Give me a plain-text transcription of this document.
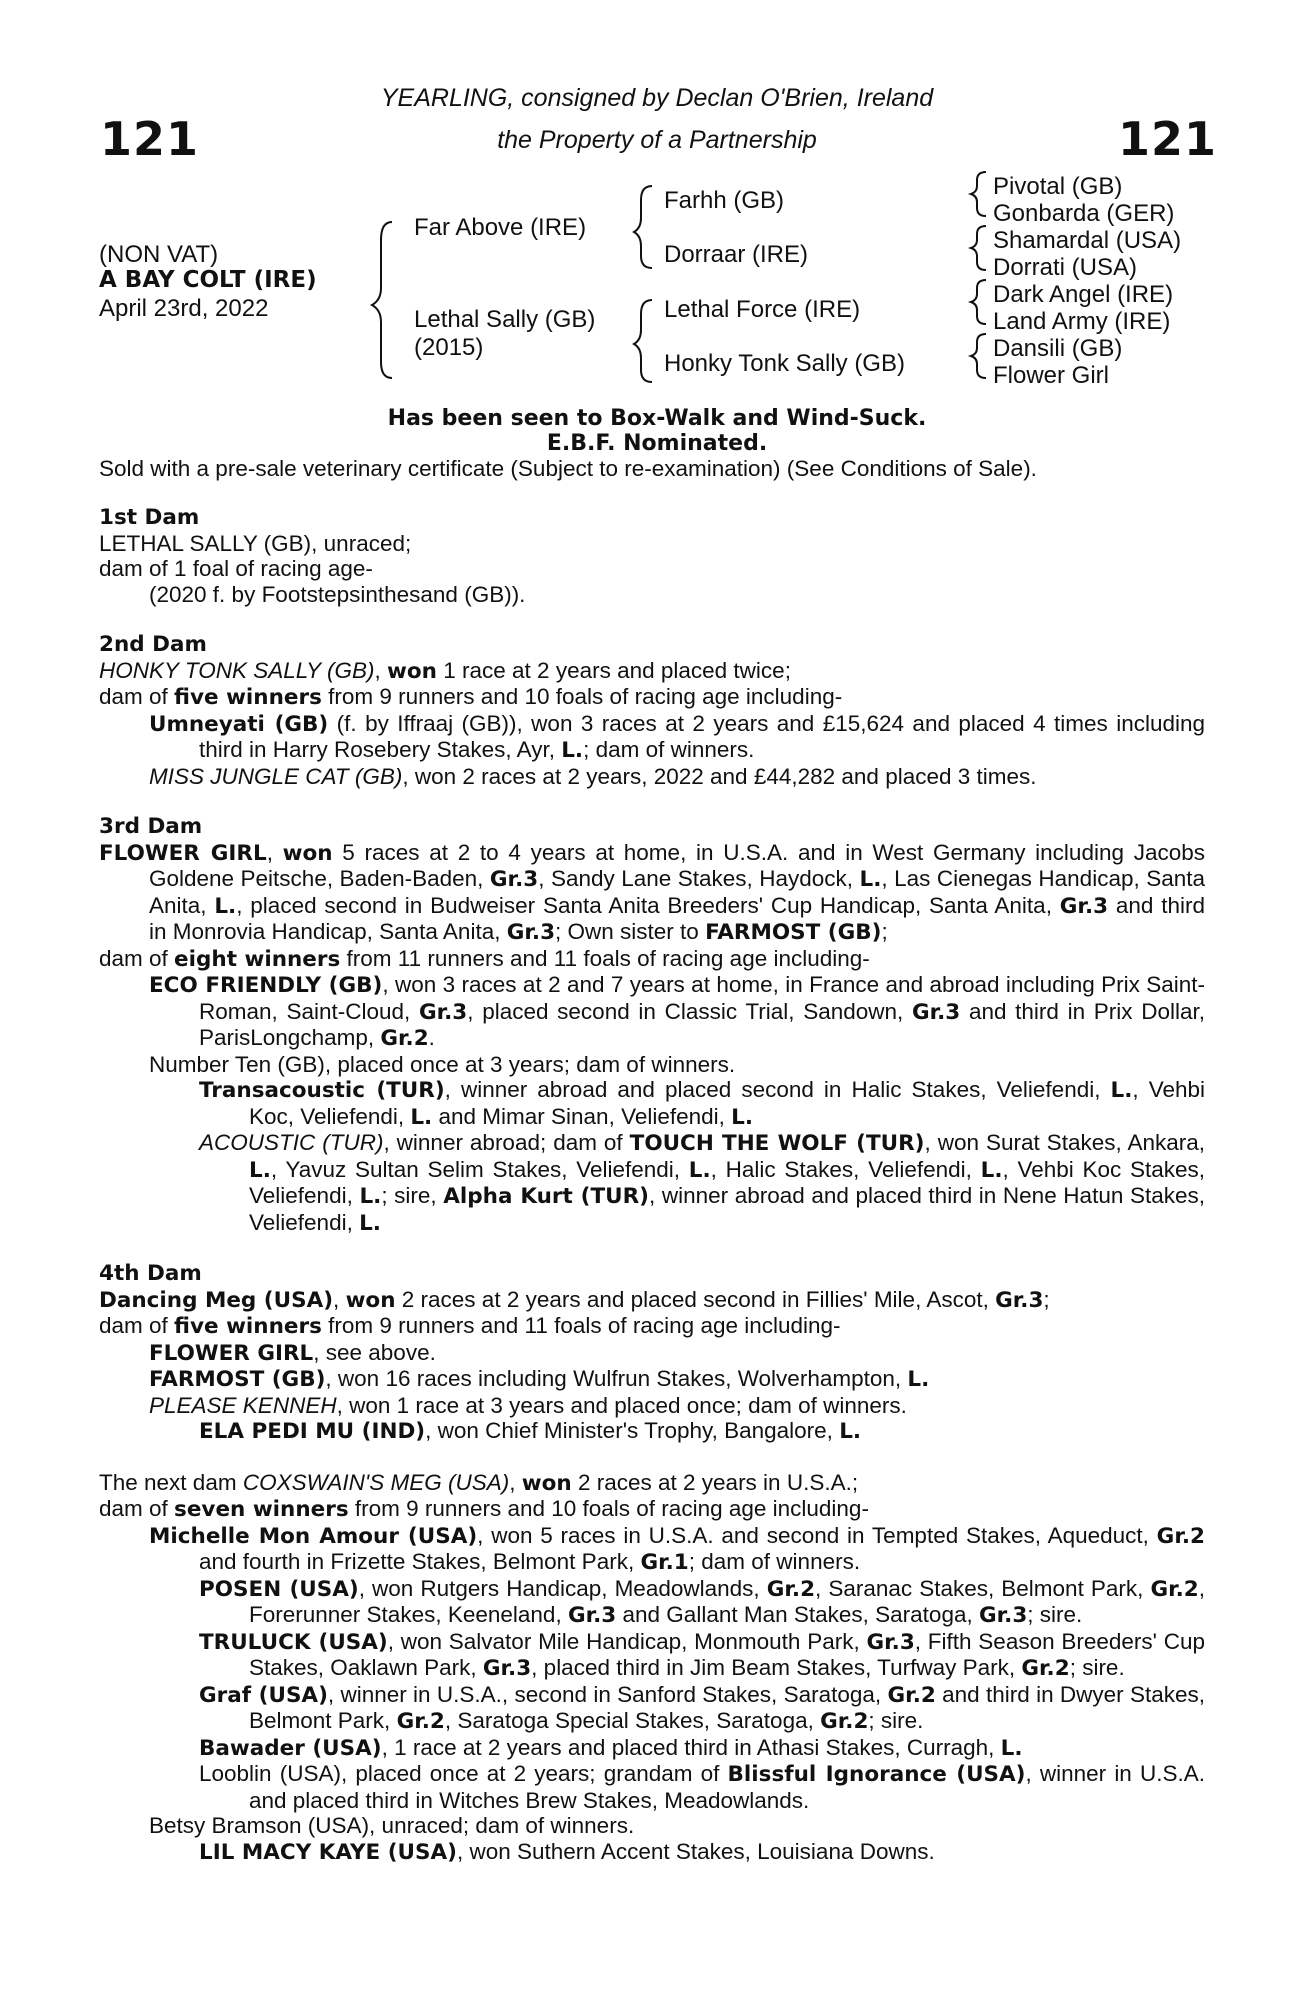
121	121
YEARLING, consigned by Declan O'Brien, Ireland
the Property of a Partnership
(NON VAT)
A BAY COLT (IRE)
April 23rd, 2022
Far Above (IRE)
Lethal Sally (GB)
(2015)
Farhh (GB)
Dorraar (IRE)
Lethal Force (IRE)
Honky Tonk Sally (GB)
Pivotal (GB)
Gonbarda (GER)
Shamardal (USA)
Dorrati (USA)
Dark Angel (IRE)
Land Army (IRE)
Dansili (GB)
Flower Girl
Has been seen to Box-Walk and Wind-Suck.
E.B.F. Nominated.
Sold with a pre-sale veterinary certificate (Subject to re-examination) (See Conditions of Sale).

1st Dam

LETHAL SALLY (GB), unraced;

dam of 1 foal of racing age-

(2020 f. by Footstepsinthesand (GB)).

2nd Dam

HONKY TONK SALLY (GB), won 1 race at 2 years and placed twice;

dam of five winners from 9 runners and 10 foals of racing age including-

Umneyati (GB) (f. by Iffraaj (GB)), won 3 races at 2 years and £15,624 and placed 4 times including third in Harry Rosebery Stakes, Ayr, L.; dam of winners.

MISS JUNGLE CAT (GB), won 2 races at 2 years, 2022 and £44,282 and placed 3 times.

3rd Dam

FLOWER GIRL, won 5 races at 2 to 4 years at home, in U.S.A. and in West Germany including Jacobs Goldene Peitsche, Baden-Baden, Gr.3, Sandy Lane Stakes, Haydock, L., Las Cienegas Handicap, Santa Anita, L., placed second in Budweiser Santa Anita Breeders' Cup Handicap, Santa Anita, Gr.3 and third in Monrovia Handicap, Santa Anita, Gr.3; Own sister to FARMOST (GB);

dam of eight winners from 11 runners and 11 foals of racing age including-

ECO FRIENDLY (GB), won 3 races at 2 and 7 years at home, in France and abroad including Prix Saint-Roman, Saint-Cloud, Gr.3, placed second in Classic Trial, Sandown, Gr.3 and third in Prix Dollar, ParisLongchamp, Gr.2.

Number Ten (GB), placed once at 3 years; dam of winners.

Transacoustic (TUR), winner abroad and placed second in Halic Stakes, Veliefendi, L., Vehbi Koc, Veliefendi, L. and Mimar Sinan, Veliefendi, L.

ACOUSTIC (TUR), winner abroad; dam of TOUCH THE WOLF (TUR), won Surat Stakes, Ankara, L., Yavuz Sultan Selim Stakes, Veliefendi, L., Halic Stakes, Veliefendi, L., Vehbi Koc Stakes, Veliefendi, L.; sire, Alpha Kurt (TUR), winner abroad and placed third in Nene Hatun Stakes, Veliefendi, L.

4th Dam

Dancing Meg (USA), won 2 races at 2 years and placed second in Fillies' Mile, Ascot, Gr.3;

dam of five winners from 9 runners and 11 foals of racing age including-

FLOWER GIRL, see above.

FARMOST (GB), won 16 races including Wulfrun Stakes, Wolverhampton, L.

PLEASE KENNEH, won 1 race at 3 years and placed once; dam of winners.

ELA PEDI MU (IND), won Chief Minister's Trophy, Bangalore, L.

The next dam COXSWAIN'S MEG (USA), won 2 races at 2 years in U.S.A.;

dam of seven winners from 9 runners and 10 foals of racing age including-

Michelle Mon Amour (USA), won 5 races in U.S.A. and second in Tempted Stakes, Aqueduct, Gr.2 and fourth in Frizette Stakes, Belmont Park, Gr.1; dam of winners.

POSEN (USA), won Rutgers Handicap, Meadowlands, Gr.2, Saranac Stakes, Belmont Park, Gr.2, Forerunner Stakes, Keeneland, Gr.3 and Gallant Man Stakes, Saratoga, Gr.3; sire.

TRULUCK (USA), won Salvator Mile Handicap, Monmouth Park, Gr.3, Fifth Season Breeders' Cup Stakes, Oaklawn Park, Gr.3, placed third in Jim Beam Stakes, Turfway Park, Gr.2; sire.

Graf (USA), winner in U.S.A., second in Sanford Stakes, Saratoga, Gr.2 and third in Dwyer Stakes, Belmont Park, Gr.2, Saratoga Special Stakes, Saratoga, Gr.2; sire.

Bawader (USA), 1 race at 2 years and placed third in Athasi Stakes, Curragh, L.

Looblin (USA), placed once at 2 years; grandam of Blissful Ignorance (USA), winner in U.S.A. and placed third in Witches Brew Stakes, Meadowlands.

Betsy Bramson (USA), unraced; dam of winners.

LIL MACY KAYE (USA), won Suthern Accent Stakes, Louisiana Downs.
